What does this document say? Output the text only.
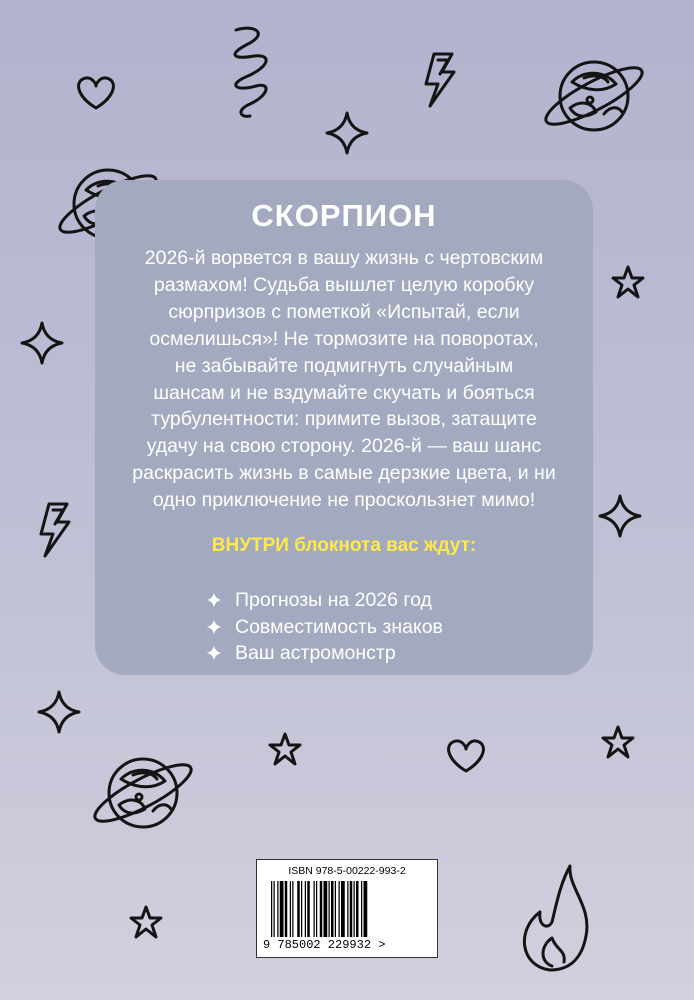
СКОРПИОН
2026-й ворвется в вашу жизнь с чертовским
размахом! Судьба вышлет целую коробку
сюрпризов с пометкой «Испытай, если
осмелишься»! Не тормозите на поворотах,
не забывайте подмигнуть случайным
шансам и не вздумайте скучать и бояться
турбулентности: примите вызов, затащите
удачу на свою сторону. 2026-й — ваш шанс
раскрасить жизнь в самые дерзкие цвета, и ни
одно приключение не проскользнет мимо!
ВНУТРИ блокнота вас ждут:
Прогнозы на 2026 год
Совместимость знаков
Ваш астромонстр
ISBN 978-5-00222-993-2
9 785002 229932 >
